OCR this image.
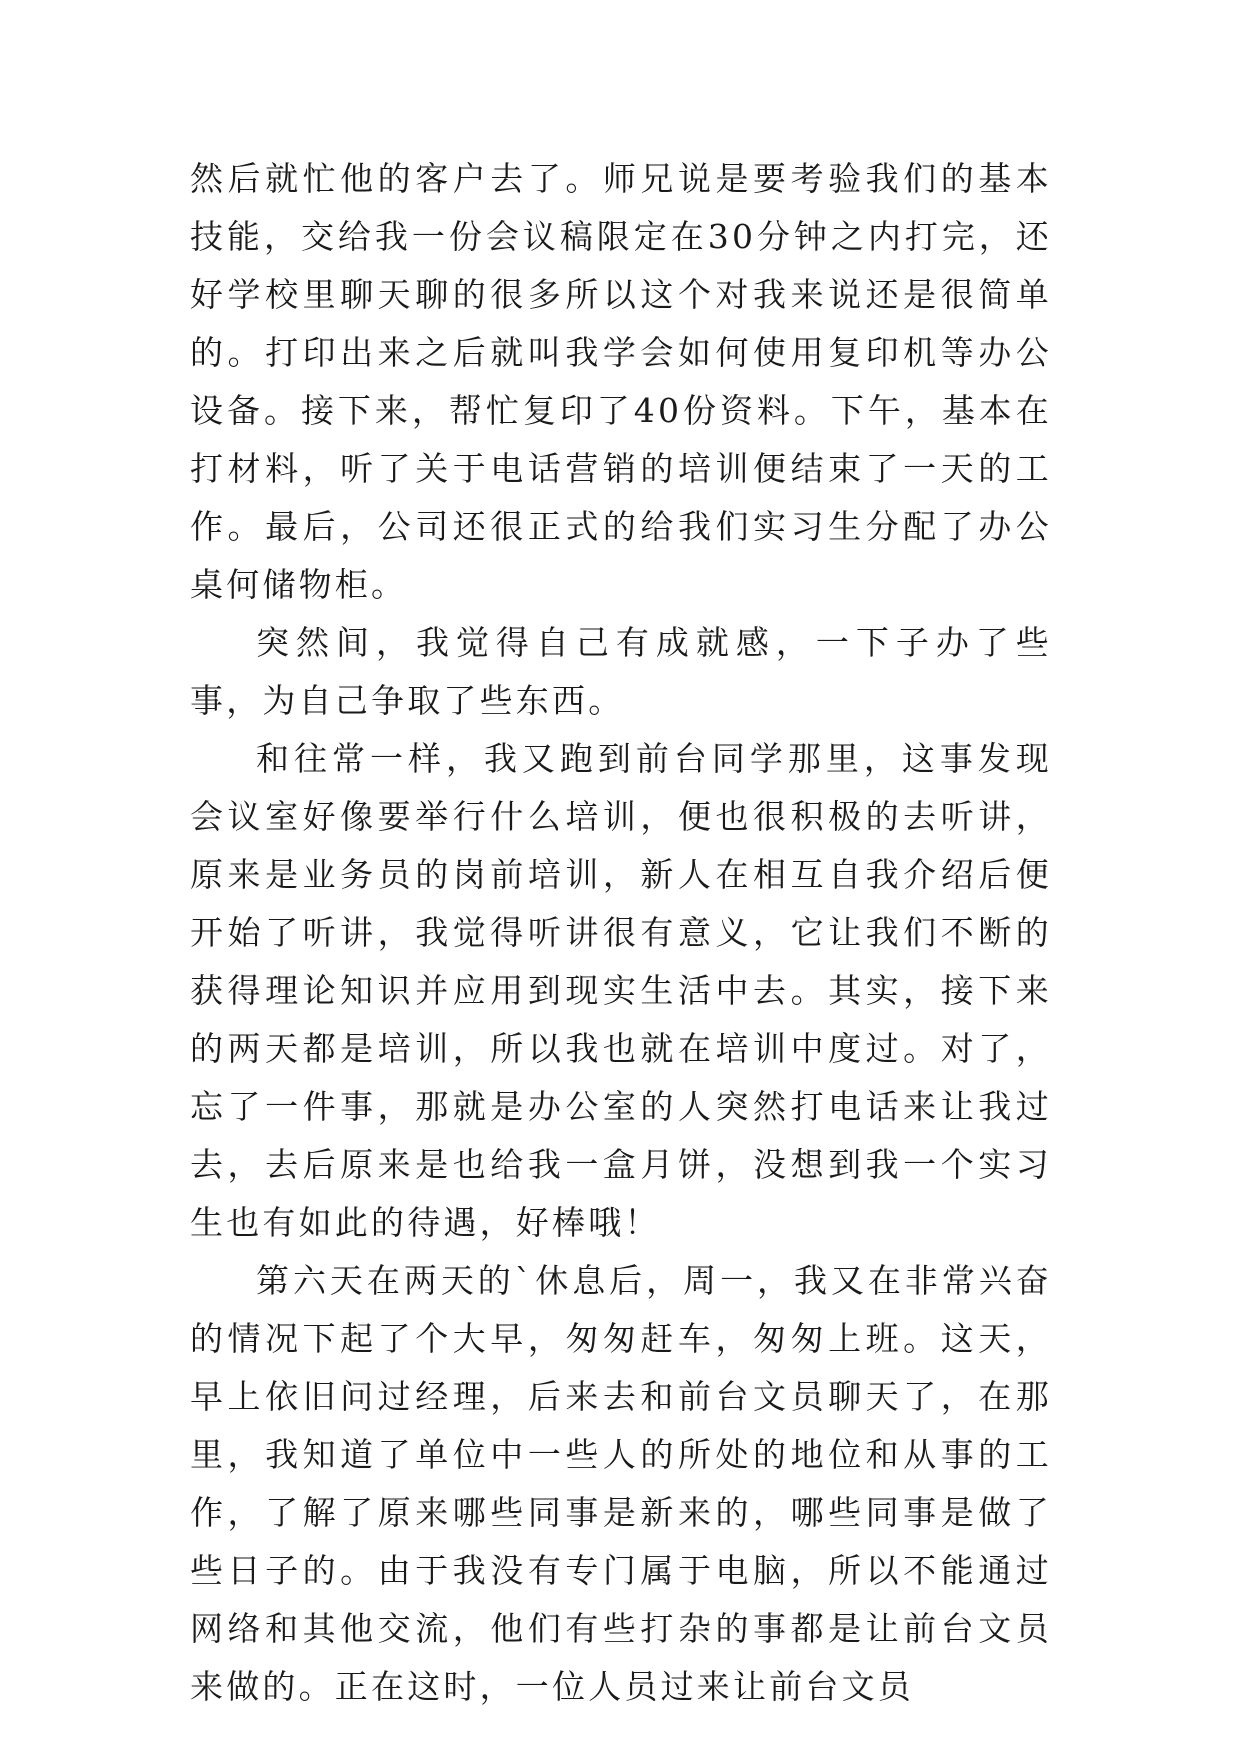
然后就忙他的客户去了。师兄说是要考验我们的基本技能，交给我一份会议稿限定在30分钟之内打完，还好学校里聊天聊的很多所以这个对我来说还是很简单的。打印出来之后就叫我学会如何使用复印机等办公设备。接下来，帮忙复印了40份资料。下午，基本在打材料，听了关于电话营销的培训便结束了一天的工作。最后，公司还很正式的给我们实习生分配了办公桌何储物柜。

突然间，我觉得自己有成就感，一下子办了些事，为自己争取了些东西。

和往常一样，我又跑到前台同学那里，这事发现会议室好像要举行什么培训，便也很积极的去听讲，原来是业务员的岗前培训，新人在相互自我介绍后便开始了听讲，我觉得听讲很有意义，它让我们不断的获得理论知识并应用到现实生活中去。其实，接下来的两天都是培训，所以我也就在培训中度过。对了，忘了一件事，那就是办公室的人突然打电话来让我过去，去后原来是也给我一盒月饼，没想到我一个实习生也有如此的待遇，好棒哦！

第六天在两天的`休息后，周一，我又在非常兴奋的情况下起了个大早，匆匆赶车，匆匆上班。这天，早上依旧问过经理，后来去和前台文员聊天了，在那里，我知道了单位中一些人的所处的地位和从事的工作，了解了原来哪些同事是新来的，哪些同事是做了些日子的。由于我没有专门属于电脑，所以不能通过网络和其他交流，他们有些打杂的事都是让前台文员来做的。正在这时，一位人员过来让前台文员
